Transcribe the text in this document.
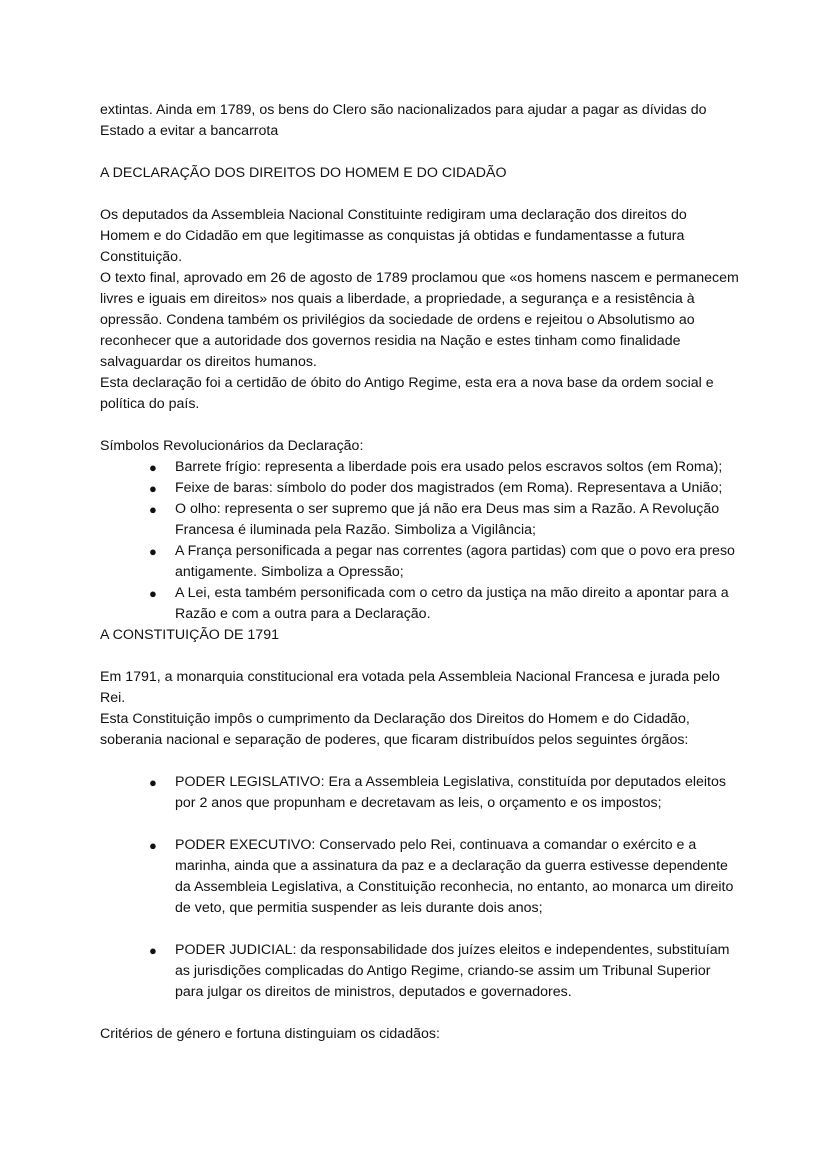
extintas. Ainda em 1789, os bens do Clero são nacionalizados para ajudar a pagar as dívidas do Estado a evitar a bancarrota

A DECLARAÇÃO DOS DIREITOS DO HOMEM E DO CIDADÃO

Os deputados da Assembleia Nacional Constituinte redigiram uma declaração dos direitos do Homem e do Cidadão em que legitimasse as conquistas já obtidas e fundamentasse a futura Constituição.

O texto final, aprovado em 26 de agosto de 1789 proclamou que «os homens nascem e permanecem livres e iguais em direitos» nos quais a liberdade, a propriedade, a segurança e a resistência à opressão. Condena também os privilégios da sociedade de ordens e rejeitou o Absolutismo ao reconhecer que a autoridade dos governos residia na Nação e estes tinham como finalidade salvaguardar os direitos humanos.

Esta declaração foi a certidão de óbito do Antigo Regime, esta era a nova base da ordem social e política do país.

Símbolos Revolucionários da Declaração:

● Barrete frígio: representa a liberdade pois era usado pelos escravos soltos (em Roma);
● Feixe de baras: símbolo do poder dos magistrados (em Roma). Representava a União;
● O olho: representa o ser supremo que já não era Deus mas sim a Razão. A Revolução Francesa é iluminada pela Razão. Simboliza a Vigilância;
● A França personificada a pegar nas correntes (agora partidas) com que o povo era preso antigamente. Simboliza a Opressão;
● A Lei, esta também personificada com o cetro da justiça na mão direito a apontar para a Razão e com a outra para a Declaração.

A CONSTITUIÇÃO DE 1791

Em 1791, a monarquia constitucional era votada pela Assembleia Nacional Francesa e jurada pelo Rei.

Esta Constituição impôs o cumprimento da Declaração dos Direitos do Homem e do Cidadão, soberania nacional e separação de poderes, que ficaram distribuídos pelos seguintes órgãos:

● PODER LEGISLATIVO: Era a Assembleia Legislativa, constituída por deputados eleitos por 2 anos que propunham e decretavam as leis, o orçamento e os impostos;
● PODER EXECUTIVO: Conservado pelo Rei, continuava a comandar o exército e a marinha, ainda que a assinatura da paz e a declaração da guerra estivesse dependente da Assembleia Legislativa, a Constituição reconhecia, no entanto, ao monarca um direito de veto, que permitia suspender as leis durante dois anos;
● PODER JUDICIAL: da responsabilidade dos juízes eleitos e independentes, substituíam as jurisdições complicadas do Antigo Regime, criando-se assim um Tribunal Superior para julgar os direitos de ministros, deputados e governadores.

Critérios de género e fortuna distinguiam os cidadãos:
